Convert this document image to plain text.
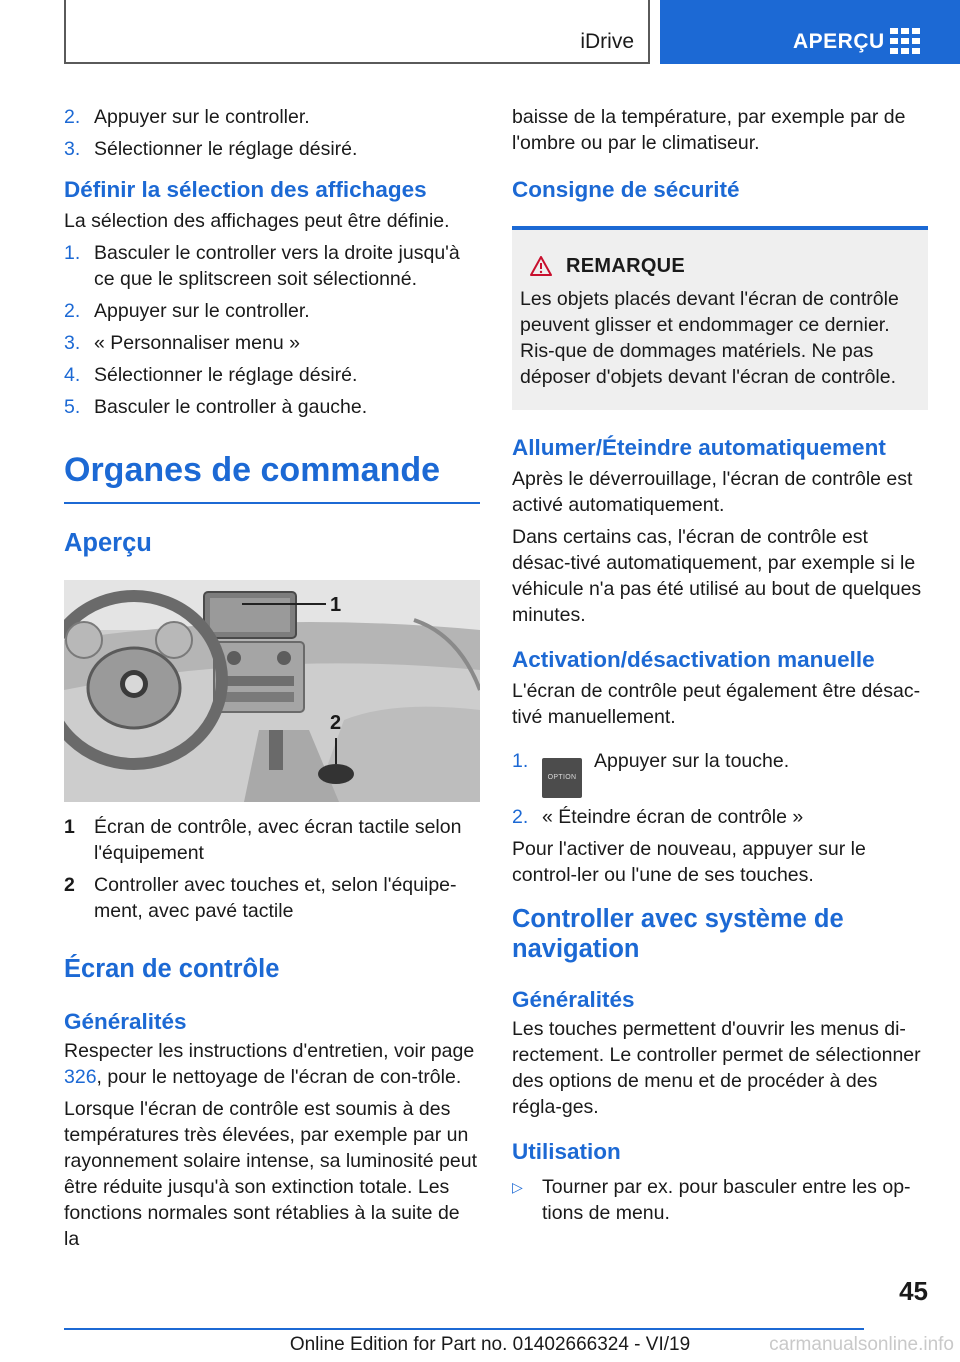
iDrive	APERÇU
2. Appuyer sur le controller.
3. Sélectionner le réglage désiré.
Définir la sélection des affichages

La sélection des affichages peut être définie.

1. Basculer le controller vers la droite jusqu'à ce que le splitscreen soit sélectionné.
2. Appuyer sur le controller.
3. « Personnaliser menu »
4. Sélectionner le réglage désiré.
5. Basculer le controller à gauche.
Organes de commande
Aperçu
1
2
1 Écran de contrôle, avec écran tactile selon l'équipement
2 Controller avec touches et, selon l'équipe-ment, avec pavé tactile
Écran de contrôle
Généralités

Respecter les instructions d'entretien, voir page 326, pour le nettoyage de l'écran de con-trôle.

Lorsque l'écran de contrôle est soumis à des températures très élevées, par exemple par un rayonnement solaire intense, sa luminosité peut être réduite jusqu'à son extinction totale. Les fonctions normales sont rétablies à la suite de la

baisse de la température, par exemple par de l'ombre ou par le climatiseur.

Consigne de sécurité
REMARQUE

Les objets placés devant l'écran de contrôle peuvent glisser et endommager ce dernier. Ris-que de dommages matériels. Ne pas déposer d'objets devant l'écran de contrôle.

Allumer/Éteindre automatiquement

Après le déverrouillage, l'écran de contrôle est activé automatiquement.

Dans certains cas, l'écran de contrôle est désac-tivé automatiquement, par exemple si le véhicule n'a pas été utilisé au bout de quelques minutes.

Activation/désactivation manuelle

L'écran de contrôle peut également être désac-tivé manuellement.

1.
OPTIONAppuyer sur la touche.
2. « Éteindre écran de contrôle »

Pour l'activer de nouveau, appuyer sur le control-ler ou l'une de ses touches.

Controller avec système de navigation
Généralités

Les touches permettent d'ouvrir les menus di-rectement. Le controller permet de sélectionner des options de menu et de procéder à des régla-ges.

Utilisation
▷ Tourner par ex. pour basculer entre les op-tions de menu.
45
Online Edition for Part no. 01402666324 - VI/19	carmanualsonline.info
